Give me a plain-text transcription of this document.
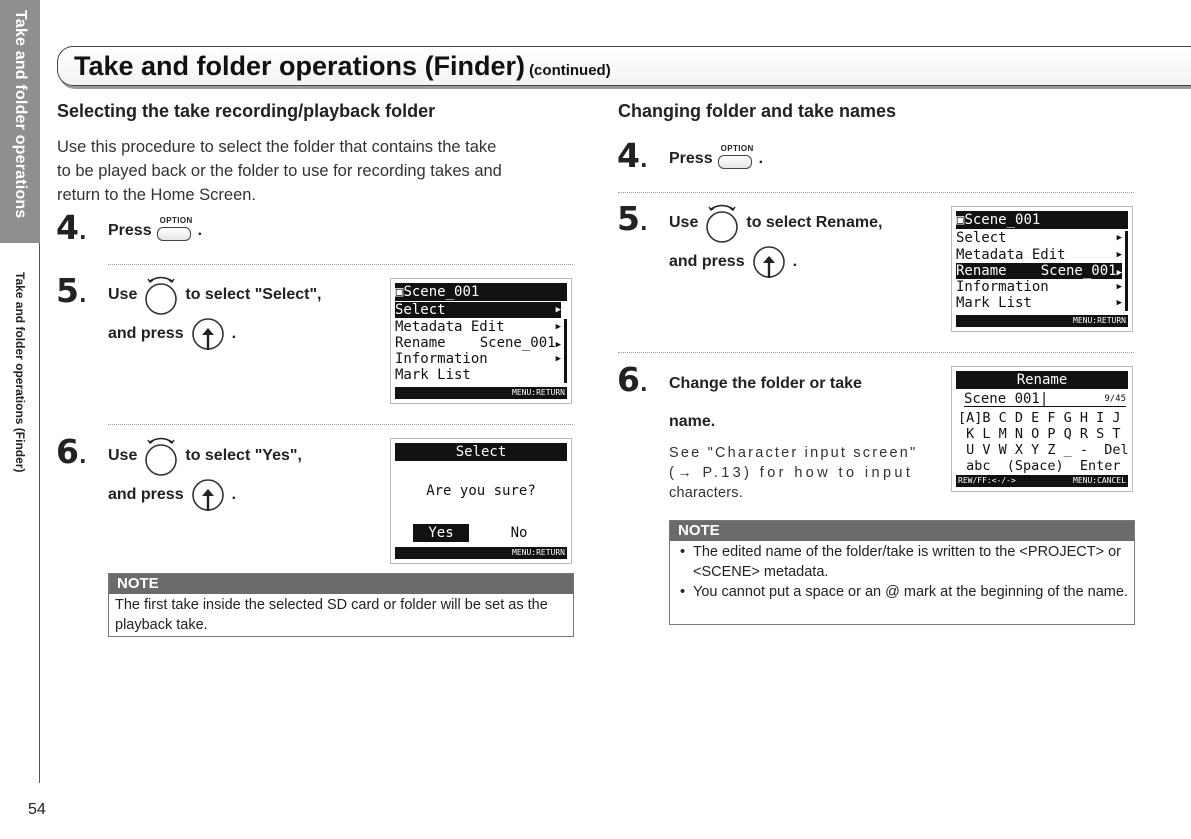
Take and folder operations
Take and folder operations (Finder)
54
Take and folder operations (Finder) (continued)
Selecting the take recording/playback folder
Use this procedure to select the folder that contains the take
to be played back or the folder to use for recording takes and
return to the Home Screen.
4. Press
OPTION
.
5. Use	to select "Select",
and press	.
▣Scene_001
Select	▶
Metadata Edit	▶
Rename Scene_001▶
Information	▶
Mark List
MENU:RETURN
6. Use	to select "Yes",
and press	.
Select
Are you sure?
Yes	No
MENU:RETURN
NOTE
The first take inside the selected SD card or folder will be set as the playback take.
Changing folder and take names
4. Press
OPTION
.
5. Use	to select Rename,
and press	.
▣Scene_001
Select	▶
Metadata Edit	▶
Rename Scene_001▶
Information	▶
Mark List	▶
MENU:RETURN
6. Change the folder or take
name.
See "Character input screen"
(→ P.13) for how to input
characters.
Rename
Scene_001|	9/45
[A]B C D E F G H I J
K L M N O P Q R S T
U V W X Y Z _ -  Del
abc  (Space)  Enter
REW/FF:<-/->	MENU:CANCEL
NOTE
• The edited name of the folder/take is written to the <PROJECT> or <SCENE> metadata.
• You cannot put a space or an @ mark at the beginning of the name.
